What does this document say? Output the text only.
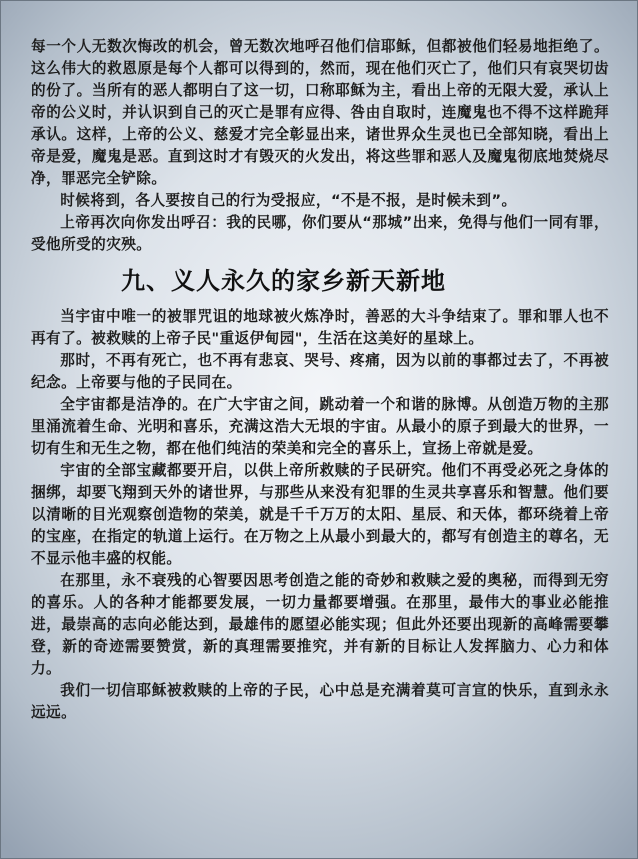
每一个人无数次悔改的机会，曾无数次地呼召他们信耶稣，但都被他们轻易地拒绝了。这么伟大的救恩原是每个人都可以得到的，然而，现在他们灭亡了，他们只有哀哭切齿的份了。当所有的恶人都明白了这一切，口称耶稣为主，看出上帝的无限大爱，承认上帝的公义时，并认识到自己的灭亡是罪有应得、咎由自取时，连魔鬼也不得不这样跪拜承认。这样，上帝的公义、慈爱才完全彰显出来，诸世界众生灵也已全部知晓，看出上帝是爱，魔鬼是恶。直到这时才有毁灭的火发出，将这些罪和恶人及魔鬼彻底地焚烧尽净，罪恶完全铲除。

时候将到，各人要按自己的行为受报应，“不是不报，是时候未到”。

上帝再次向你发出呼召：我的民哪，你们要从“那城”出来，免得与他们一同有罪，受他所受的灾殃。

九、义人永久的家乡新天新地

当宇宙中唯一的被罪咒诅的地球被火炼净时，善恶的大斗争结束了。罪和罪人也不再有了。被救赎的上帝子民"重返伊甸园"，生活在这美好的星球上。

那时，不再有死亡，也不再有悲哀、哭号、疼痛，因为以前的事都过去了，不再被纪念。上帝要与他的子民同在。

全宇宙都是洁净的。在广大宇宙之间，跳动着一个和谐的脉博。从创造万物的主那里涌流着生命、光明和喜乐，充满这浩大无垠的宇宙。从最小的原子到最大的世界，一切有生和无生之物，都在他们纯洁的荣美和完全的喜乐上，宣扬上帝就是爱。

宇宙的全部宝藏都要开启，以供上帝所救赎的子民研究。他们不再受必死之身体的捆绑，却要飞翔到天外的诸世界，与那些从来没有犯罪的生灵共享喜乐和智慧。他们要以清晰的目光观察创造物的荣美，就是千千万万的太阳、星辰、和天体，都环绕着上帝的宝座，在指定的轨道上运行。在万物之上从最小到最大的，都写有创造主的尊名，无不显示他丰盛的权能。

在那里，永不衰残的心智要因思考创造之能的奇妙和救赎之爱的奥秘，而得到无穷的喜乐。人的各种才能都要发展，一切力量都要增强。在那里，最伟大的事业必能推进，最崇高的志向必能达到，最雄伟的愿望必能实现；但此外还要出现新的高峰需要攀登，新的奇迹需要赞赏，新的真理需要推究，并有新的目标让人发挥脑力、心力和体力。

我们一切信耶稣被救赎的上帝的子民，心中总是充满着莫可言宣的快乐，直到永永远远。
